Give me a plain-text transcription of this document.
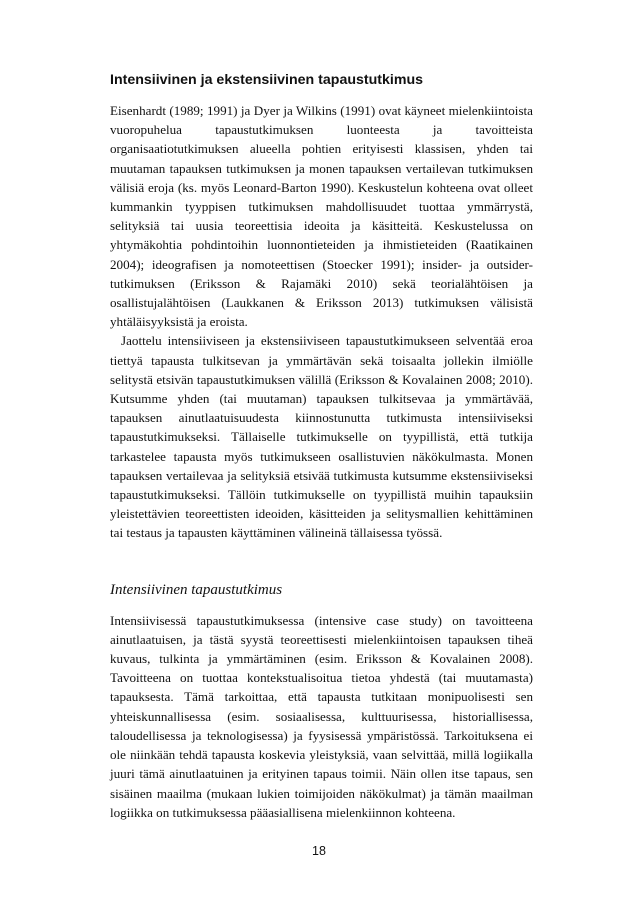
Intensiivinen ja ekstensiivinen tapaustutkimus

Eisenhardt (1989; 1991) ja Dyer ja Wilkins (1991) ovat käyneet mielenkiintoista vuoropuhelua tapaustutkimuksen luonteesta ja tavoitteista organisaatiotutkimuksen alueella pohtien erityisesti klassisen, yhden tai muutaman tapauksen tutkimuksen ja monen tapauksen vertailevan tutkimuksen välisiä eroja (ks. myös Leonard-Barton 1990). Keskustelun kohteena ovat olleet kummankin tyyppisen tutkimuksen mahdollisuudet tuottaa ymmärrystä, selityksiä tai uusia teoreettisia ideoita ja käsitteitä. Keskustelussa on yhtymäkohtia pohdintoihin luonnontieteiden ja ihmistieteiden (Raatikainen 2004); ideografisen ja nomoteettisen (Stoecker 1991); insider- ja outsider-tutkimuksen (Eriksson & Rajamäki 2010) sekä teorialähtöisen ja osallistujalähtöisen (Laukkanen & Eriksson 2013) tutkimuksen välisistä yhtäläisyyksistä ja eroista.

Jaottelu intensiiviseen ja ekstensiiviseen tapaustutkimukseen selventää eroa tiettyä tapausta tulkitsevan ja ymmärtävän sekä toisaalta jollekin ilmiölle selitystä etsivän tapaustutkimuksen välillä (Eriksson & Kovalainen 2008; 2010). Kutsumme yhden (tai muutaman) tapauksen tulkitsevaa ja ymmärtävää, tapauksen ainutlaatuisuudesta kiinnostunutta tutkimusta intensiiviseksi tapaustutkimukseksi. Tällaiselle tutkimukselle on tyypillistä, että tutkija tarkastelee tapausta myös tutkimukseen osallistuvien näkökulmasta. Monen tapauksen vertailevaa ja selityksiä etsivää tutkimusta kutsumme ekstensiiviseksi tapaustutkimukseksi. Tällöin tutkimukselle on tyypillistä muihin tapauksiin yleistettävien teoreettisten ideoiden, käsitteiden ja selitysmallien kehittäminen tai testaus ja tapausten käyttäminen välineinä tällaisessa työssä.

Intensiivinen tapaustutkimus

Intensiivisessä tapaustutkimuksessa (intensive case study) on tavoitteena ainutlaatuisen, ja tästä syystä teoreettisesti mielenkiintoisen tapauksen tiheä kuvaus, tulkinta ja ymmärtäminen (esim. Eriksson & Kovalainen 2008). Tavoitteena on tuottaa kontekstualisoitua tietoa yhdestä (tai muutamasta) tapauksesta. Tämä tarkoittaa, että tapausta tutkitaan monipuolisesti sen yhteiskunnallisessa (esim. sosiaalisessa, kulttuurisessa, historiallisessa, taloudellisessa ja teknologisessa) ja fyysisessä ympäristössä. Tarkoituksena ei ole niinkään tehdä tapausta koskevia yleistyksiä, vaan selvittää, millä logiikalla juuri tämä ainutlaatuinen ja erityinen tapaus toimii. Näin ollen itse tapaus, sen sisäinen maailma (mukaan lukien toimijoiden näkökulmat) ja tämän maailman logiikka on tutkimuksessa pääasiallisena mielenkiinnon kohteena.

18
